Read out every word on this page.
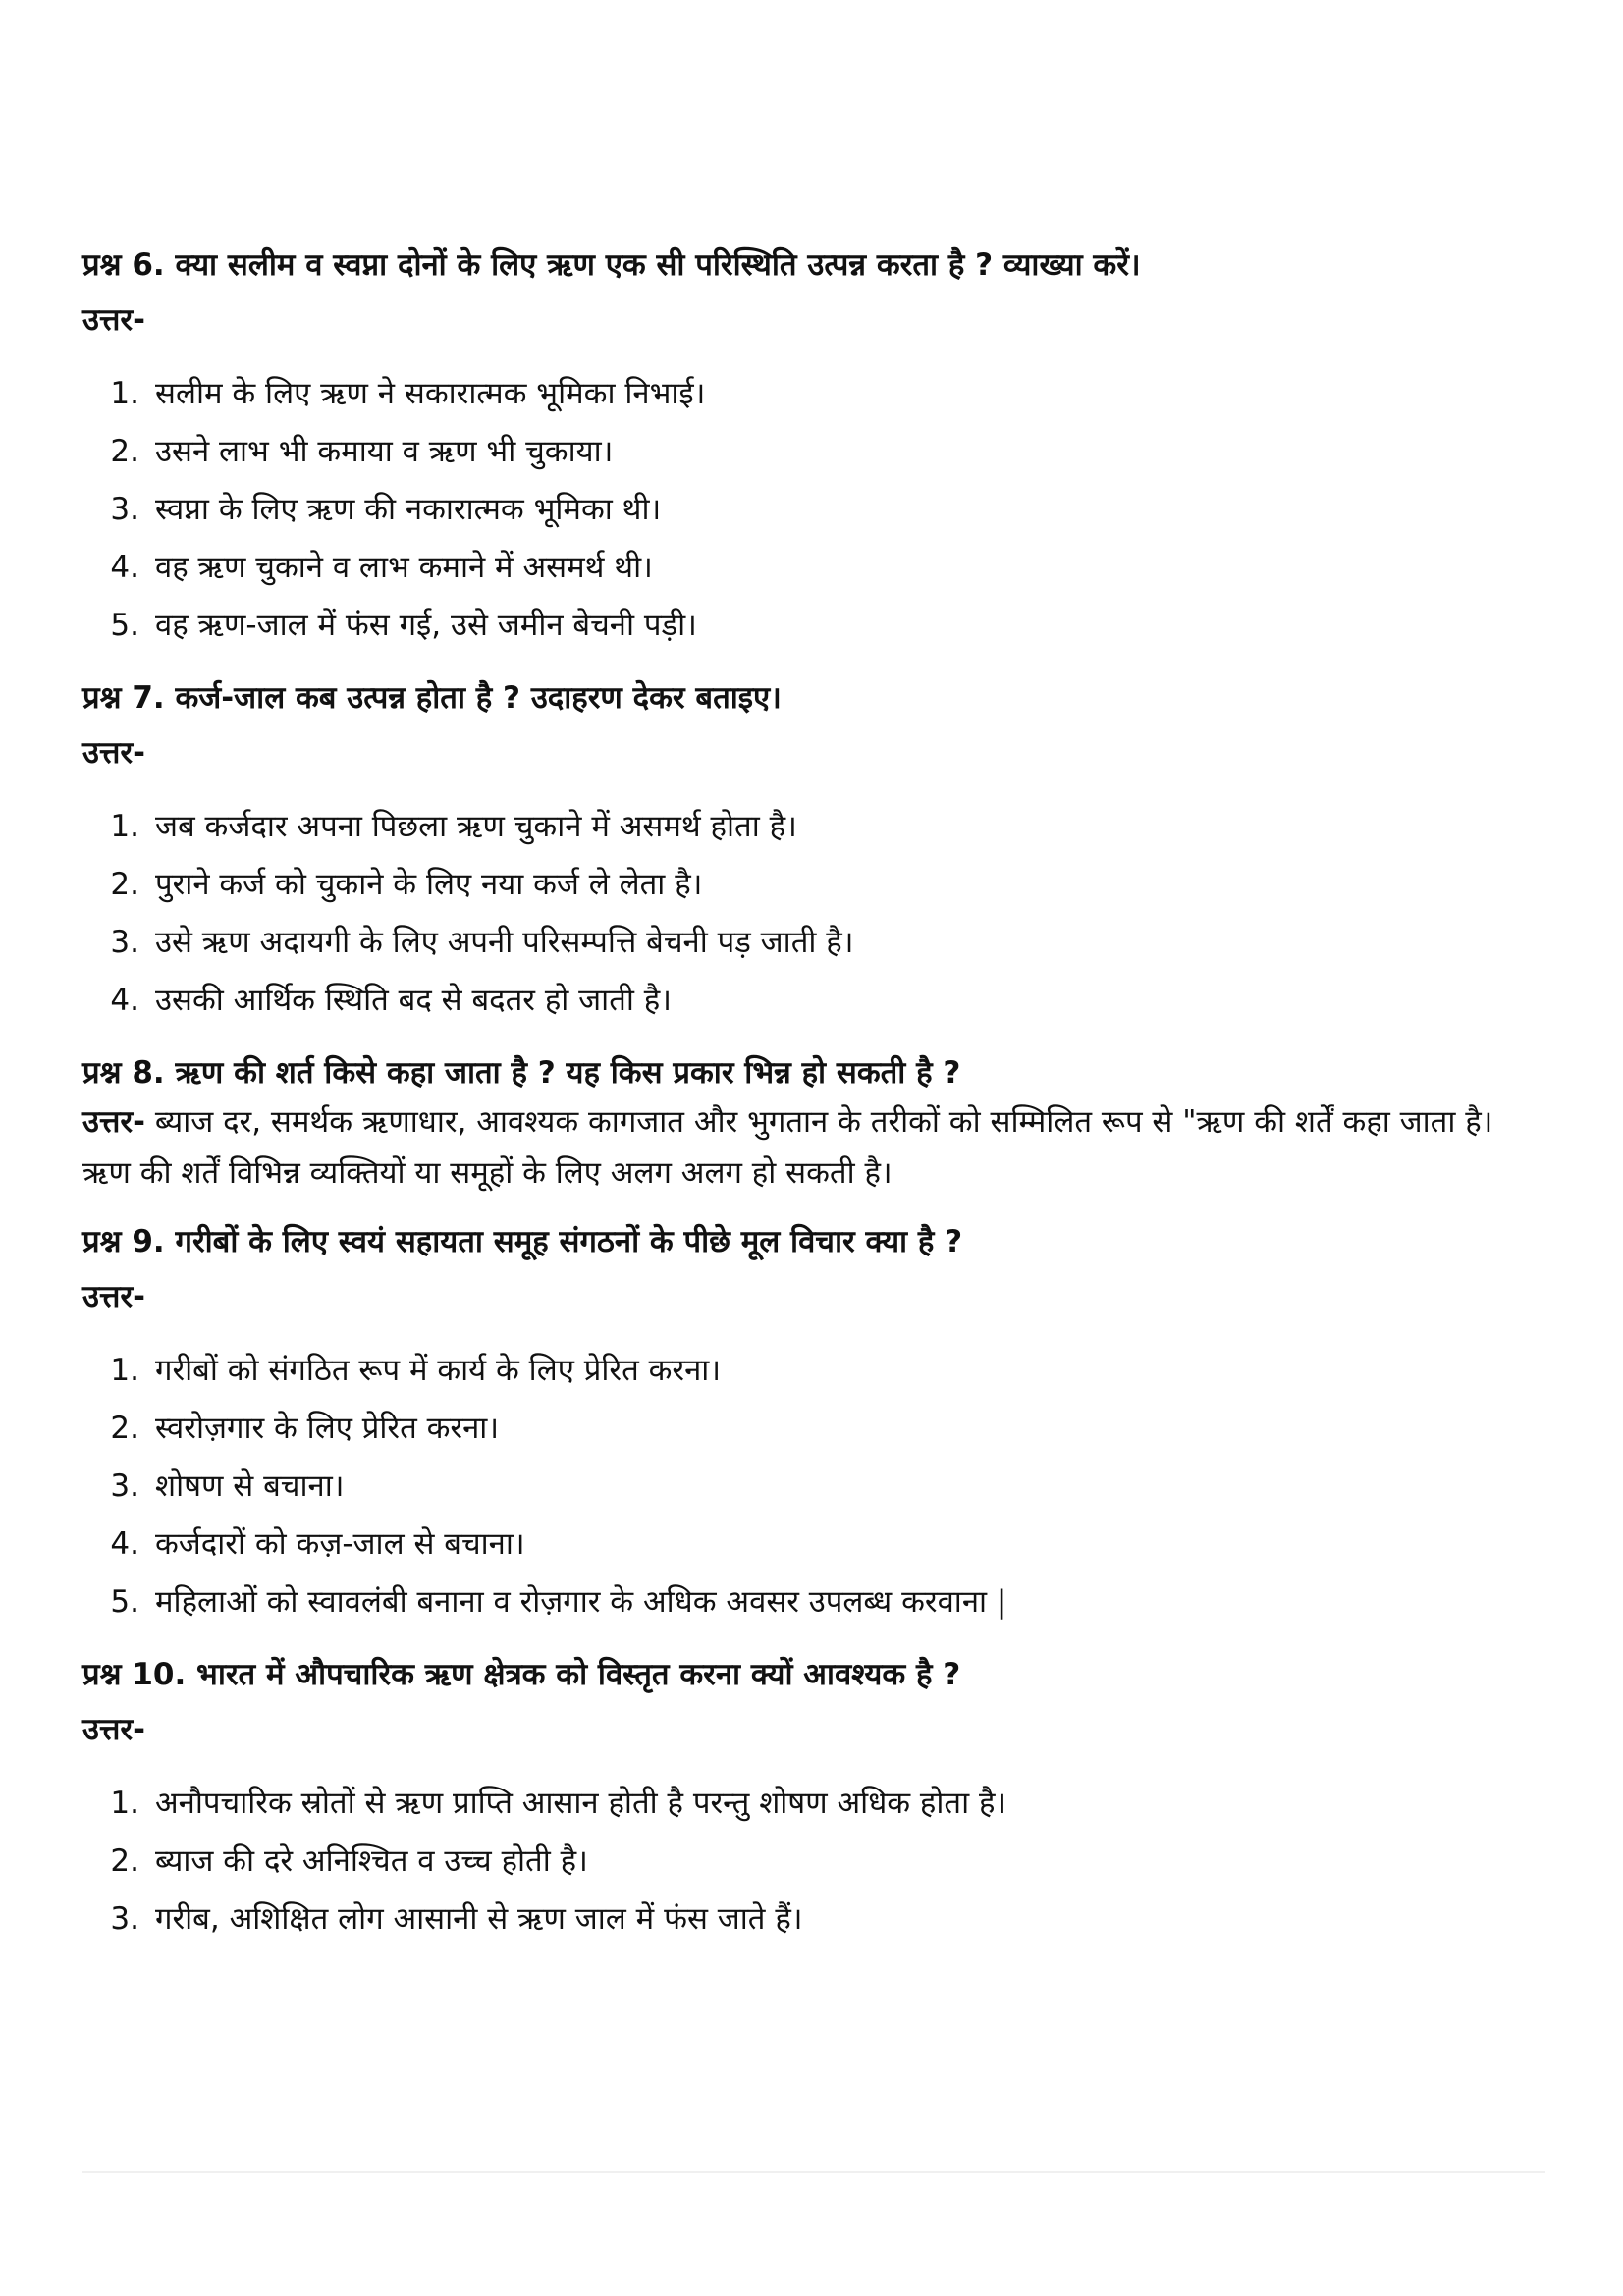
प्रश्न 6. क्या सलीम व स्वप्ना दोनों के लिए ऋण एक सी परिस्थिति उत्पन्न करता है ? व्याख्या करें।

उत्तर-

1. सलीम के लिए ऋण ने सकारात्मक भूमिका निभाई।
2. उसने लाभ भी कमाया व ऋण भी चुकाया।
3. स्वप्ना के लिए ऋण की नकारात्मक भूमिका थी।
4. वह ऋण चुकाने व लाभ कमाने में असमर्थ थी।
5. वह ऋण-जाल में फंस गई, उसे जमीन बेचनी पड़ी।

प्रश्न 7. कर्ज-जाल कब उत्पन्न होता है ? उदाहरण देकर बताइए।

उत्तर-

1. जब कर्जदार अपना पिछला ऋण चुकाने में असमर्थ होता है।
2. पुराने कर्ज को चुकाने के लिए नया कर्ज ले लेता है।
3. उसे ऋण अदायगी के लिए अपनी परिसम्पत्ति बेचनी पड़ जाती है।
4. उसकी आर्थिक स्थिति बद से बदतर हो जाती है।

प्रश्न 8. ऋण की शर्त किसे कहा जाता है ? यह किस प्रकार भिन्न हो सकती है ?

उत्तर- ब्याज दर, समर्थक ऋणाधार, आवश्यक कागजात और भुगतान के तरीकों को सम्मिलित रूप से "ऋण की शर्तें कहा जाता है। ऋण की शर्तें विभिन्न व्यक्तियों या समूहों के लिए अलग अलग हो सकती है।

प्रश्न 9. गरीबों के लिए स्वयं सहायता समूह संगठनों के पीछे मूल विचार क्या है ?

उत्तर-

1. गरीबों को संगठित रूप में कार्य के लिए प्रेरित करना।
2. स्वरोज़गार के लिए प्रेरित करना।
3. शोषण से बचाना।
4. कर्जदारों को कज़-जाल से बचाना।
5. महिलाओं को स्वावलंबी बनाना व रोज़गार के अधिक अवसर उपलब्ध करवाना |

प्रश्न 10. भारत में औपचारिक ऋण क्षेत्रक को विस्तृत करना क्यों आवश्यक है ?

उत्तर-

1. अनौपचारिक स्रोतों से ऋण प्राप्ति आसान होती है परन्तु शोषण अधिक होता है।
2. ब्याज की दरे अनिश्चित व उच्च होती है।
3. गरीब, अशिक्षित लोग आसानी से ऋण जाल में फंस जाते हैं।
